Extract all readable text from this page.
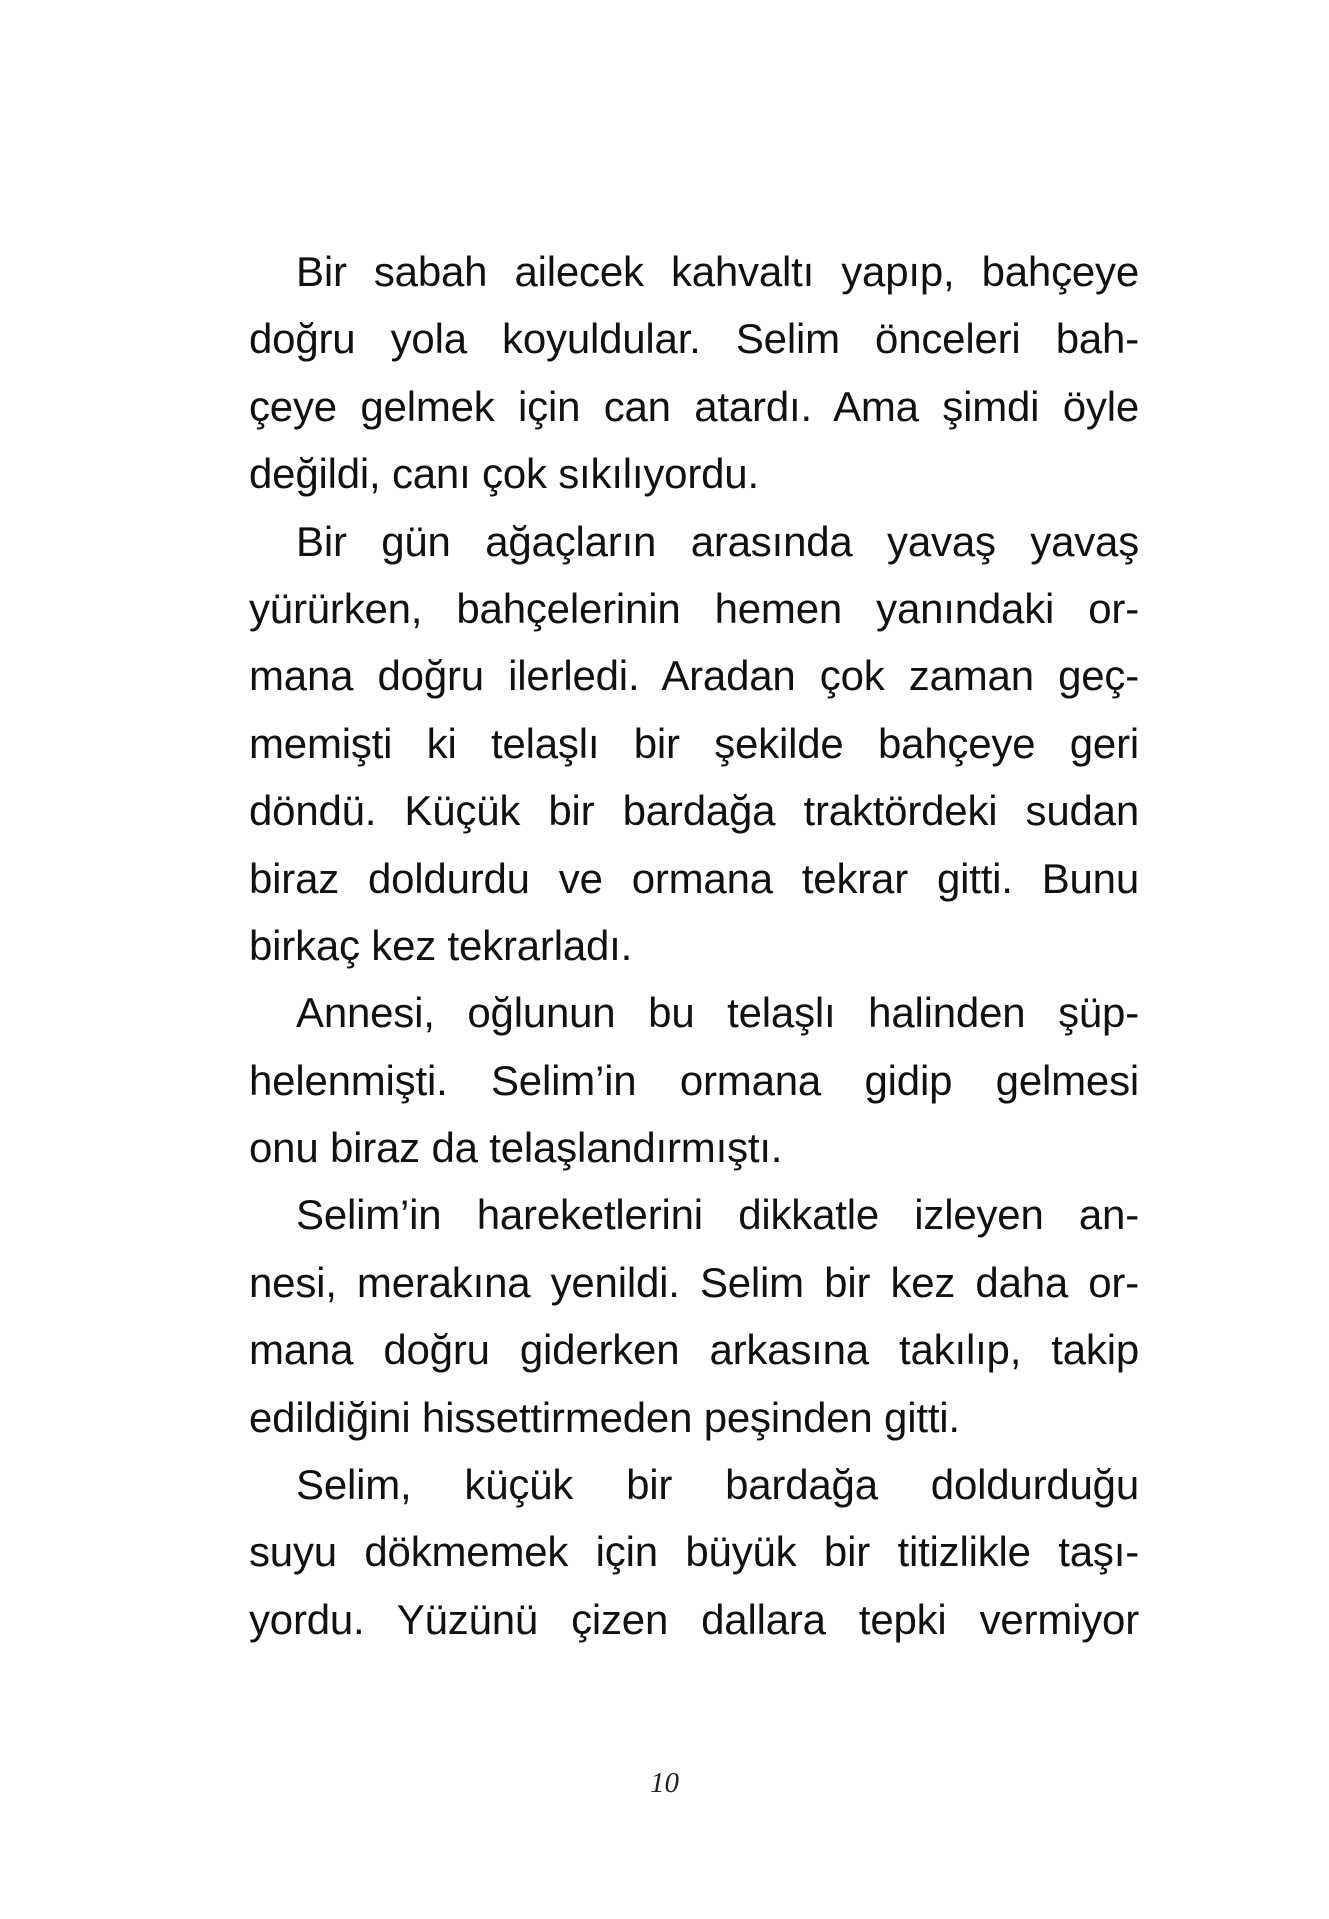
Bir sabah ailecek kahvaltı yapıp, bahçeye
doğru yola koyuldular. Selim önceleri bah-
çeye gelmek için can atardı. Ama şimdi öyle
değildi, canı çok sıkılıyordu.
Bir gün ağaçların arasında yavaş yavaş
yürürken, bahçelerinin hemen yanındaki or-
mana doğru ilerledi. Aradan çok zaman geç-
memişti ki telaşlı bir şekilde bahçeye geri
döndü. Küçük bir bardağa traktördeki sudan
biraz doldurdu ve ormana tekrar gitti. Bunu
birkaç kez tekrarladı.
Annesi, oğlunun bu telaşlı halinden şüp-
helenmişti. Selim’in ormana gidip gelmesi
onu biraz da telaşlandırmıştı.
Selim’in hareketlerini dikkatle izleyen an-
nesi, merakına yenildi. Selim bir kez daha or-
mana doğru giderken arkasına takılıp, takip
edildiğini hissettirmeden peşinden gitti.
Selim, küçük bir bardağa doldurduğu
suyu dökmemek için büyük bir titizlikle taşı-
yordu. Yüzünü çizen dallara tepki vermiyor
10
